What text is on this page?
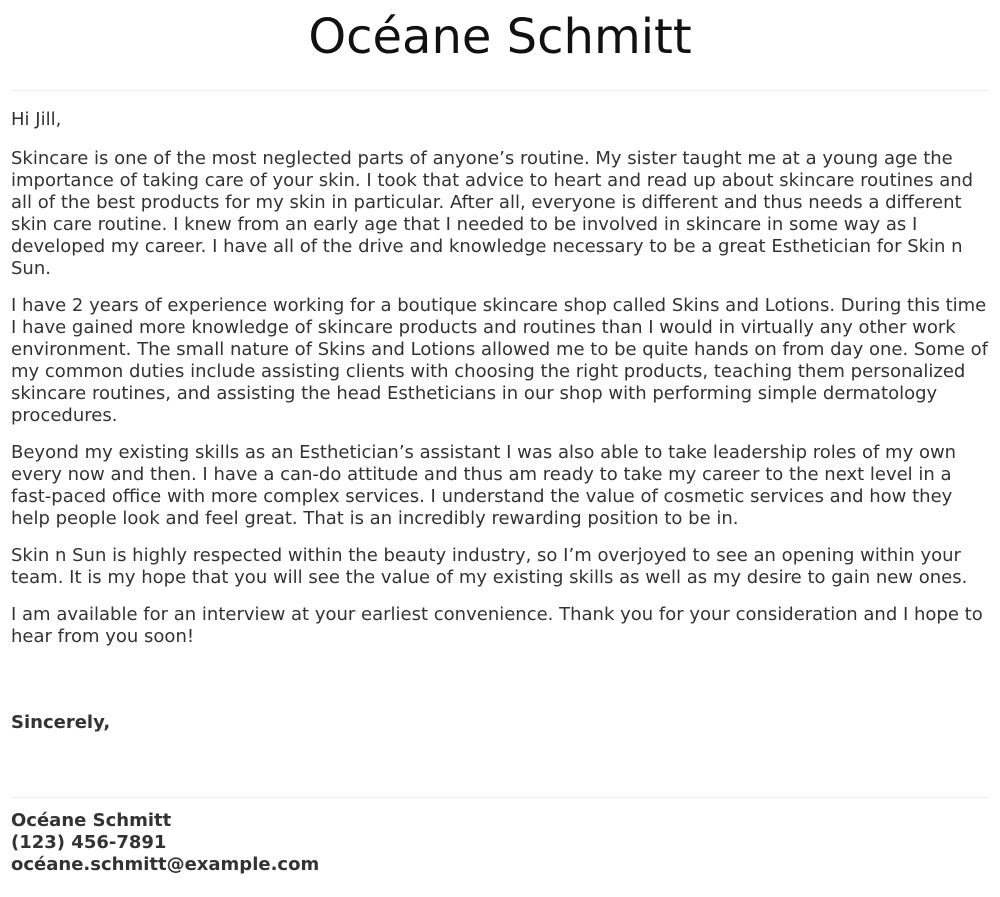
Océane Schmitt

Hi Jill,

Skincare is one of the most neglected parts of anyone’s routine. My sister taught me at a young age the importance of taking care of your skin. I took that advice to heart and read up about skincare routines and all of the best products for my skin in particular. After all, everyone is different and thus needs a different skin care routine. I knew from an early age that I needed to be involved in skincare in some way as I developed my career. I have all of the drive and knowledge necessary to be a great Esthetician for Skin n Sun.

I have 2 years of experience working for a boutique skincare shop called Skins and Lotions. During this time I have gained more knowledge of skincare products and routines than I would in virtually any other work environment. The small nature of Skins and Lotions allowed me to be quite hands on from day one. Some of my common duties include assisting clients with choosing the right products, teaching them personalized skincare routines, and assisting the head Estheticians in our shop with performing simple dermatology procedures.

Beyond my existing skills as an Esthetician’s assistant I was also able to take leadership roles of my own every now and then. I have a can-do attitude and thus am ready to take my career to the next level in a fast-paced office with more complex services. I understand the value of cosmetic services and how they help people look and feel great. That is an incredibly rewarding position to be in.

Skin n Sun is highly respected within the beauty industry, so I’m overjoyed to see an opening within your team. It is my hope that you will see the value of my existing skills as well as my desire to gain new ones.

I am available for an interview at your earliest convenience. Thank you for your consideration and I hope to hear from you soon!

Sincerely,
Océane Schmitt
(123) 456-7891
océane.schmitt@example.com
